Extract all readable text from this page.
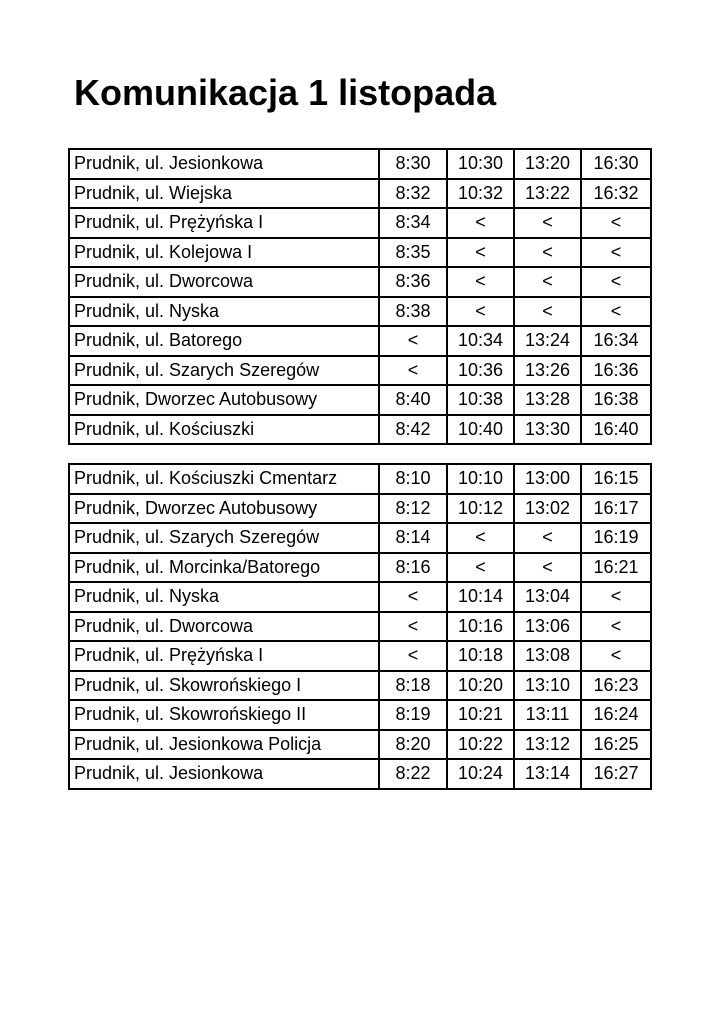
Komunikacja 1 listopada
Prudnik, ul. Jesionkowa	8:30	10:30	13:20	16:30
Prudnik, ul. Wiejska	8:32	10:32	13:22	16:32
Prudnik, ul. Prężyńska I	8:34	<	<	<
Prudnik, ul. Kolejowa I	8:35	<	<	<
Prudnik, ul. Dworcowa	8:36	<	<	<
Prudnik, ul. Nyska	8:38	<	<	<
Prudnik, ul. Batorego	<	10:34	13:24	16:34
Prudnik, ul. Szarych Szeregów	<	10:36	13:26	16:36
Prudnik, Dworzec Autobusowy	8:40	10:38	13:28	16:38
Prudnik, ul. Kościuszki	8:42	10:40	13:30	16:40
Prudnik, ul. Kościuszki Cmentarz	8:10	10:10	13:00	16:15
Prudnik, Dworzec Autobusowy	8:12	10:12	13:02	16:17
Prudnik, ul. Szarych Szeregów	8:14	<	<	16:19
Prudnik, ul. Morcinka/Batorego	8:16	<	<	16:21
Prudnik, ul. Nyska	<	10:14	13:04	<
Prudnik, ul. Dworcowa	<	10:16	13:06	<
Prudnik, ul. Prężyńska I	<	10:18	13:08	<
Prudnik, ul. Skowrońskiego I	8:18	10:20	13:10	16:23
Prudnik, ul. Skowrońskiego II	8:19	10:21	13:11	16:24
Prudnik, ul. Jesionkowa Policja	8:20	10:22	13:12	16:25
Prudnik, ul. Jesionkowa	8:22	10:24	13:14	16:27
